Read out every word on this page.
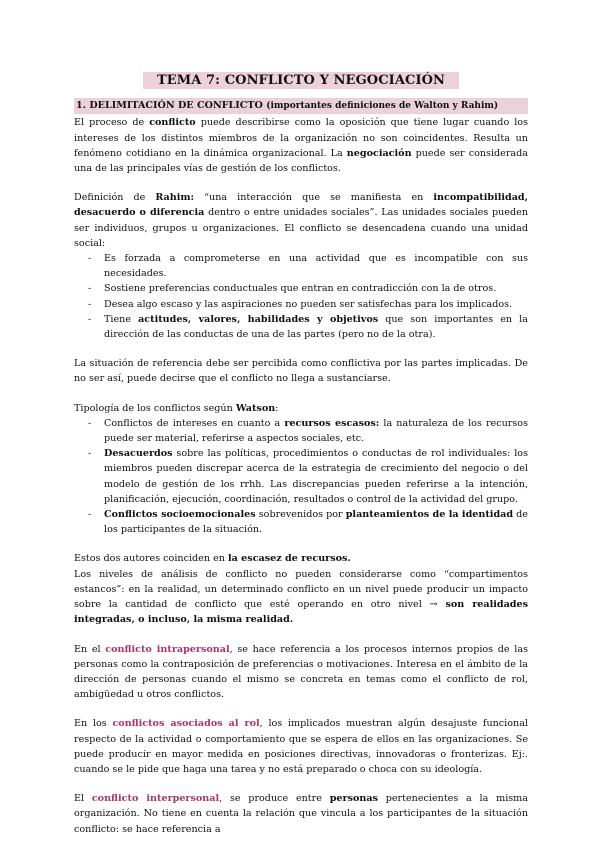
TEMA 7: CONFLICTO Y NEGOCIACIÓN
1. DELIMITACIÓN DE CONFLICTO (importantes definiciones de Walton y Rahim)

El proceso de conflicto puede describirse como la oposición que tiene lugar cuando los intereses de los distintos miembros de la organización no son coincidentes. Resulta un fenómeno cotidiano en la dinámica organizacional. La negociación puede ser considerada una de las principales vías de gestión de los conflictos.

Definición de Rahim: “una interacción que se manifiesta en incompatibilidad, desacuerdo o diferencia dentro o entre unidades sociales”. Las unidades sociales pueden ser individuos, grupos u organizaciones. El conflicto se desencadena cuando una unidad social:

- Es forzada a comprometerse en una actividad que es incompatible con sus necesidades.
- Sostiene preferencias conductuales que entran en contradicción con la de otros.
- Desea algo escaso y las aspiraciones no pueden ser satisfechas para los implicados.
- Tiene actitudes, valores, habilidades y objetivos que son importantes en la dirección de las conductas de una de las partes (pero no de la otra).

La situación de referencia debe ser percibida como conflictiva por las partes implicadas. De no ser así, puede decirse que el conflicto no llega a sustanciarse.

Tipología de los conflictos según Watson:

- Conflictos de intereses en cuanto a recursos escasos: la naturaleza de los recursos puede ser material, referirse a aspectos sociales, etc.
- Desacuerdos sobre las políticas, procedimientos o conductas de rol individuales: los miembros pueden discrepar acerca de la estrategia de crecimiento del negocio o del modelo de gestión de los rrhh. Las discrepancias pueden referirse a la intención, planificación, ejecución, coordinación, resultados o control de la actividad del grupo.
- Conflictos socioemocionales sobrevenidos por planteamientos de la identidad de los participantes de la situación.

Estos dos autores coinciden en la escasez de recursos.

Los niveles de análisis de conflicto no pueden considerarse como “compartimentos estancos”: en la realidad, un determinado conflicto en un nivel puede producir un impacto sobre la cantidad de conflicto que esté operando en otro nivel → son realidades integradas, o incluso, la misma realidad.

En el conflicto intrapersonal, se hace referencia a los procesos internos propios de las personas como la contraposición de preferencias o motivaciones. Interesa en el ámbito de la dirección de personas cuando el mismo se concreta en temas como el conflicto de rol, ambigüedad u otros conflictos.

En los conflictos asociados al rol, los implicados muestran algún desajuste funcional respecto de la actividad o comportamiento que se espera de ellos en las organizaciones. Se puede producir en mayor medida en posiciones directivas, innovadoras o fronterizas. Ej:. cuando se le pide que haga una tarea y no está preparado o choca con su ideología.

El conflicto interpersonal, se produce entre personas pertenecientes a la misma organización. No tiene en cuenta la relación que vincula a los participantes de la situación conflicto: se hace referencia a
